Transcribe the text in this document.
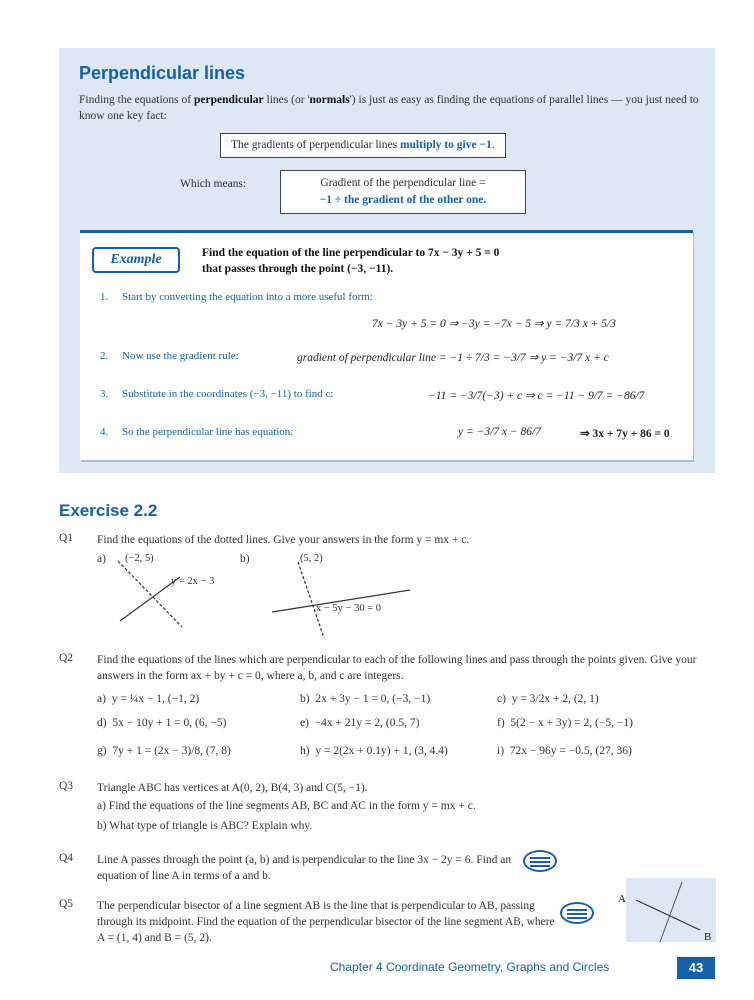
Perpendicular lines
Finding the equations of perpendicular lines (or 'normals') is just as easy as finding the equations of parallel lines — you just need to know one key fact:
The gradients of perpendicular lines multiply to give −1.
Which means:	Gradient of the perpendicular line =
−1 ÷ the gradient of the other one.
Example	Find the equation of the line perpendicular to 7x − 3y + 5 = 0
that passes through the point (−3, −11).
1. Start by converting the equation into a more useful form:
7x − 3y + 5 = 0 ⇒ −3y = −7x − 5 ⇒ y = 7/3 x + 5/3
2. Now use the gradient rule:	gradient of perpendicular line = −1 ÷ 7/3 = −3/7 ⇒ y = −3/7 x + c
3. Substitute in the coordinates (−3, −11) to find c:	−11 = −3/7(−3) + c ⇒ c = −11 − 9/7 = −86/7
4. So the perpendicular line has equation:	y = −3/7 x − 86/7	⇒ 3x + 7y + 86 = 0
Exercise 2.2
Q1 Find the equations of the dotted lines. Give your answers in the form y = mx + c.
a) (−2, 5)
y = 2x − 3
b)	(5, 2)
x − 5y − 30 = 0
Q2 Find the equations of the lines which are perpendicular to each of the following lines and pass through the points given. Give your answers in the form ax + by + c = 0, where a, b, and c are integers.
a) y = ¼x − 1, (−1, 2)	b) 2x + 3y − 1 = 0, (−3, −1)	c) y = 3/2x + 2, (2, 1)
d) 5x − 10y + 1 = 0, (6, −5)	e) −4x + 21y = 2, (0.5, 7)	f) 5(2 − x + 3y) = 2, (−5, −1)
g) 7y + 1 = (2x − 3)/8, (7, 8)	h) y = 2(2x + 0.1y) + 1, (3, 4.4)	i) 72x − 96y = −0.5, (27, 36)
Q3 Triangle ABC has vertices at A(0, 2), B(4, 3) and C(5, −1).
a) Find the equations of the line segments AB, BC and AC in the form y = mx + c.
b) What type of triangle is ABC? Explain why.
Q4 Line A passes through the point (a, b) and is perpendicular to the line 3x − 2y = 6. Find an equation of line A in terms of a and b.
Q5 The perpendicular bisector of a line segment AB is the line that is perpendicular to AB, passing through its midpoint. Find the equation of the perpendicular bisector of the line segment AB, where A = (1, 4) and B = (5, 2).
A
B
Chapter 4 Coordinate Geometry, Graphs and Circles	43
